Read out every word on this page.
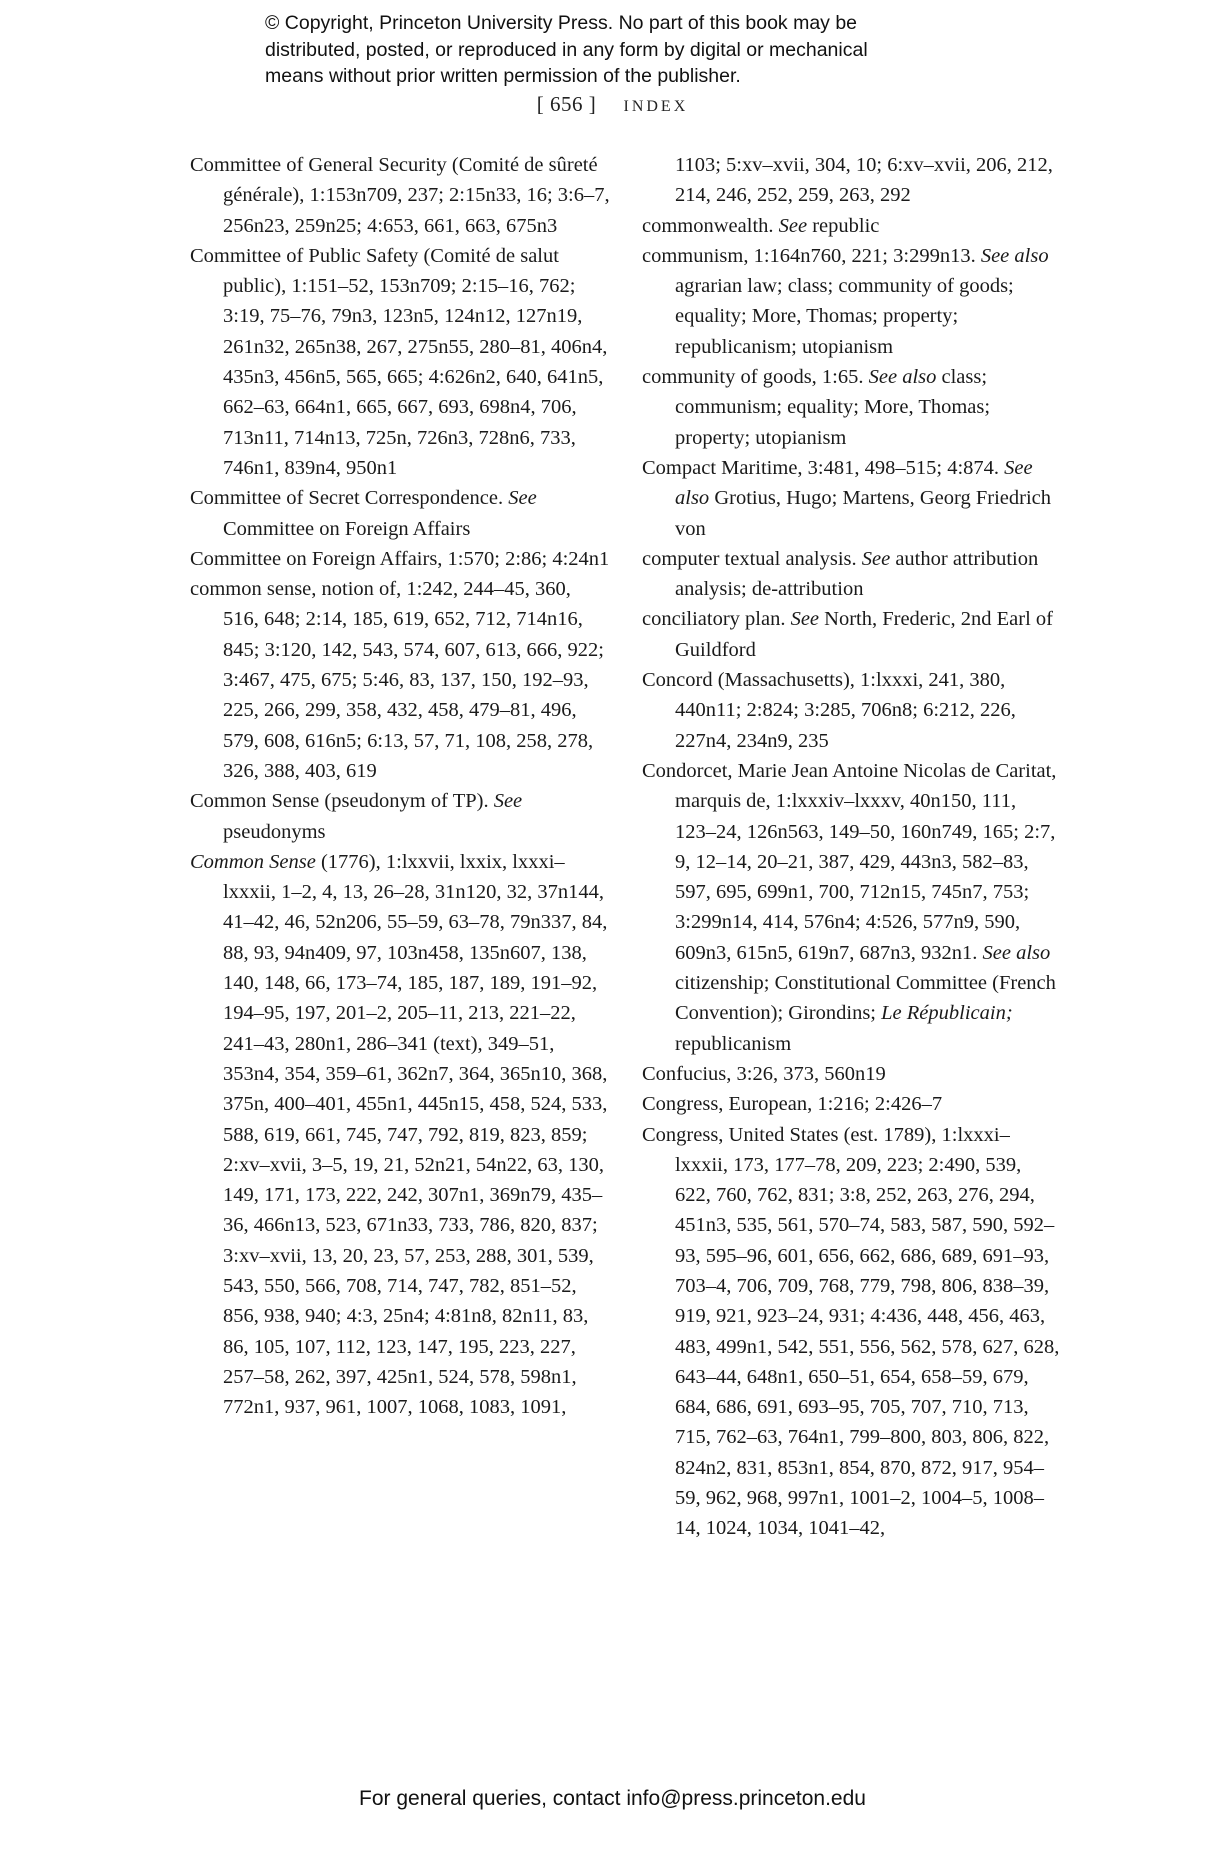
© Copyright, Princeton University Press. No part of this book may be
distributed, posted, or reproduced in any form by digital or mechanical
means without prior written permission of the publisher.
[ 656 ] INDEX
Committee of General Security (Comité de sûreté générale), 1:153n709, 237; 2:15n33, 16; 3:6–7, 256n23, 259n25; 4:653, 661, 663, 675n3
Committee of Public Safety (Comité de salut public), 1:151–52, 153n709; 2:15–16, 762; 3:19, 75–76, 79n3, 123n5, 124n12, 127n19, 261n32, 265n38, 267, 275n55, 280–81, 406n4, 435n3, 456n5, 565, 665; 4:626n2, 640, 641n5, 662–63, 664n1, 665, 667, 693, 698n4, 706, 713n11, 714n13, 725n, 726n3, 728n6, 733, 746n1, 839n4, 950n1
Committee of Secret Correspondence. See Committee on Foreign Affairs
Committee on Foreign Affairs, 1:570; 2:86; 4:24n1
common sense, notion of, 1:242, 244–45, 360, 516, 648; 2:14, 185, 619, 652, 712, 714n16, 845; 3:120, 142, 543, 574, 607, 613, 666, 922; 3:467, 475, 675; 5:46, 83, 137, 150, 192–93, 225, 266, 299, 358, 432, 458, 479–81, 496, 579, 608, 616n5; 6:13, 57, 71, 108, 258, 278, 326, 388, 403, 619
Common Sense (pseudonym of TP). See pseudonyms
Common Sense (1776), 1:lxxvii, lxxix, lxxxi–lxxxii, 1–2, 4, 13, 26–28, 31n120, 32, 37n144, 41–42, 46, 52n206, 55–59, 63–78, 79n337, 84, 88, 93, 94n409, 97, 103n458, 135n607, 138, 140, 148, 66, 173–74, 185, 187, 189, 191–92, 194–95, 197, 201–2, 205–11, 213, 221–22, 241–43, 280n1, 286–341 (text), 349–51, 353n4, 354, 359–61, 362n7, 364, 365n10, 368, 375n, 400–401, 455n1, 445n15, 458, 524, 533, 588, 619, 661, 745, 747, 792, 819, 823, 859; 2:xv–xvii, 3–5, 19, 21, 52n21, 54n22, 63, 130, 149, 171, 173, 222, 242, 307n1, 369n79, 435–36, 466n13, 523, 671n33, 733, 786, 820, 837; 3:xv–xvii, 13, 20, 23, 57, 253, 288, 301, 539, 543, 550, 566, 708, 714, 747, 782, 851–52, 856, 938, 940; 4:3, 25n4; 4:81n8, 82n11, 83, 86, 105, 107, 112, 123, 147, 195, 223, 227, 257–58, 262, 397, 425n1, 524, 578, 598n1, 772n1, 937, 961, 1007, 1068, 1083, 1091,
1103; 5:xv–xvii, 304, 10; 6:xv–xvii, 206, 212, 214, 246, 252, 259, 263, 292
commonwealth. See republic
communism, 1:164n760, 221; 3:299n13. See also agrarian law; class; community of goods; equality; More, Thomas; property; republicanism; utopianism
community of goods, 1:65. See also class; communism; equality; More, Thomas; property; utopianism
Compact Maritime, 3:481, 498–515; 4:874. See also Grotius, Hugo; Martens, Georg Friedrich von
computer textual analysis. See author attribution analysis; de-attribution
conciliatory plan. See North, Frederic, 2nd Earl of Guildford
Concord (Massachusetts), 1:lxxxi, 241, 380, 440n11; 2:824; 3:285, 706n8; 6:212, 226, 227n4, 234n9, 235
Condorcet, Marie Jean Antoine Nicolas de Caritat, marquis de, 1:lxxxiv–lxxxv, 40n150, 111, 123–24, 126n563, 149–50, 160n749, 165; 2:7, 9, 12–14, 20–21, 387, 429, 443n3, 582–83, 597, 695, 699n1, 700, 712n15, 745n7, 753; 3:299n14, 414, 576n4; 4:526, 577n9, 590, 609n3, 615n5, 619n7, 687n3, 932n1. See also citizenship; Constitutional Committee (French Convention); Girondins; Le Républicain; republicanism
Confucius, 3:26, 373, 560n19
Congress, European, 1:216; 2:426–7
Congress, United States (est. 1789), 1:lxxxi–lxxxii, 173, 177–78, 209, 223; 2:490, 539, 622, 760, 762, 831; 3:8, 252, 263, 276, 294, 451n3, 535, 561, 570–74, 583, 587, 590, 592–93, 595–96, 601, 656, 662, 686, 689, 691–93, 703–4, 706, 709, 768, 779, 798, 806, 838–39, 919, 921, 923–24, 931; 4:436, 448, 456, 463, 483, 499n1, 542, 551, 556, 562, 578, 627, 628, 643–44, 648n1, 650–51, 654, 658–59, 679, 684, 686, 691, 693–95, 705, 707, 710, 713, 715, 762–63, 764n1, 799–800, 803, 806, 822, 824n2, 831, 853n1, 854, 870, 872, 917, 954–59, 962, 968, 997n1, 1001–2, 1004–5, 1008–14, 1024, 1034, 1041–42,
For general queries, contact info@press.princeton.edu
